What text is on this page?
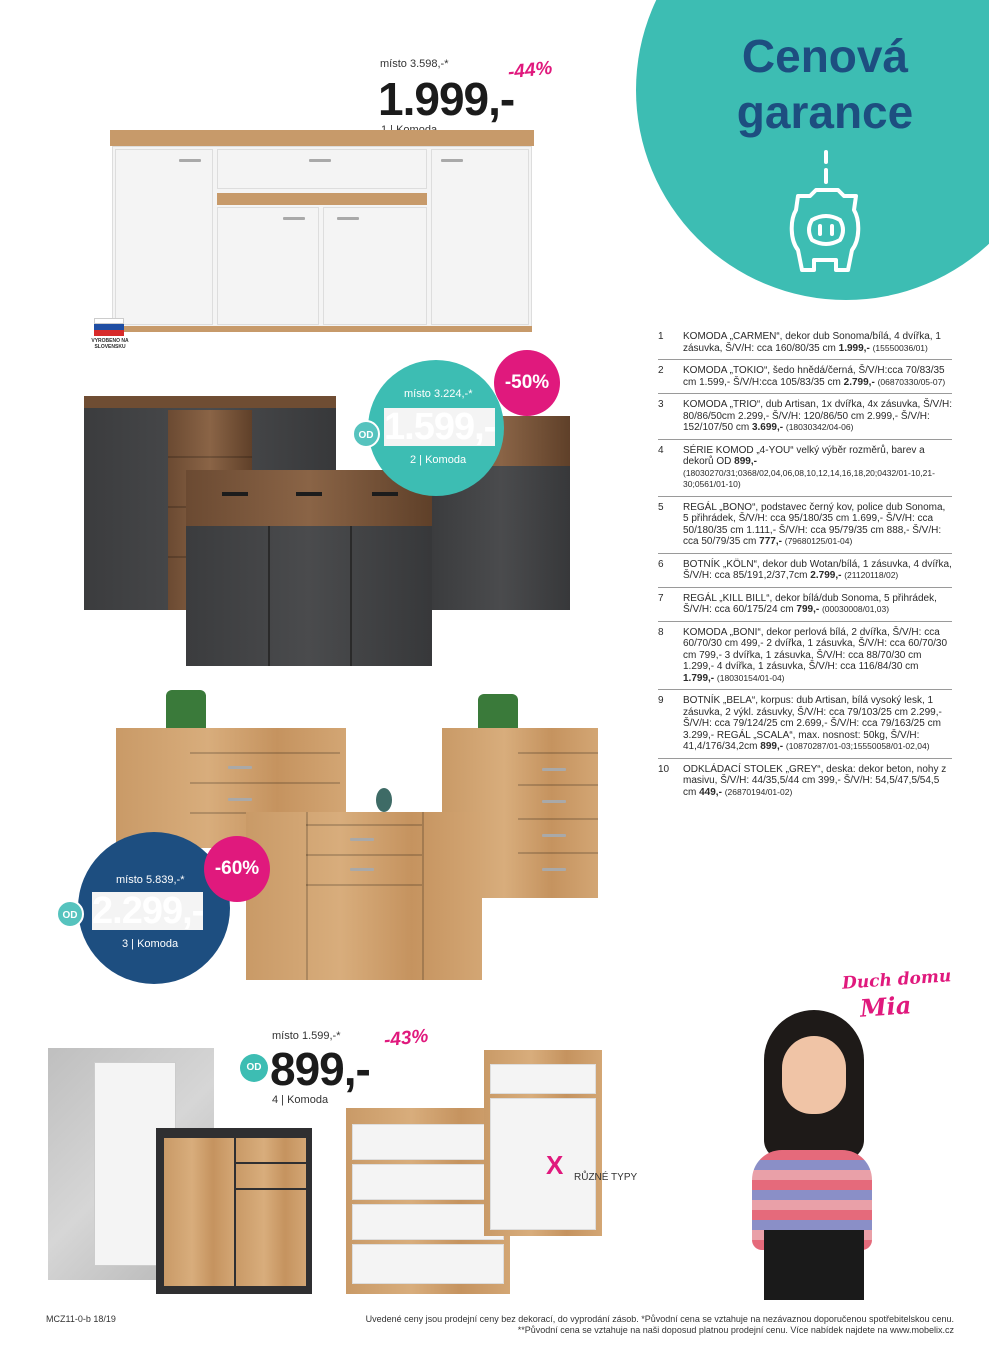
Cenová
garance
místo 3.598,-*
1.999,-
-44%
VYROBENO NA SLOVENSKU
OD
místo 3.224,-*
1.599,-
2 | Komoda
-50%
OD
místo 5.839,-*
2.299,-
3 | Komoda
-60%
místo 1.599,-*
OD 899,-
-43%
4 | Komoda
X RŮZNÉ TYPY
1	KOMODA „CARMEN“, dekor dub Sonoma/bílá, 4 dvířka, 1 zásuvka, Š/V/H: cca 160/80/35 cm 1.999,- (15550036/01)
2	KOMODA „TOKIO“, šedo hnědá/černá, Š/V/H:cca 70/83/35 cm 1.599,- Š/V/H:cca 105/83/35 cm 2.799,- (06870330/05-07)
3	KOMODA „TRIO“, dub Artisan, 1x dvířka, 4x zásuvka, Š/V/H: 80/86/50cm 2.299,- Š/V/H: 120/86/50 cm 2.999,- Š/V/H: 152/107/50 cm 3.699,- (18030342/04-06)
4	SÉRIE KOMOD „4-YOU“ velký výběr rozměrů, barev a dekorů OD 899,- (18030270/31;0368/02,04,06,08,10,12,14,16,18,20;0432/01-10,21-30;0561/01-10)
5	REGÁL „BONO“, podstavec černý kov, police dub Sonoma, 5 přihrádek, Š/V/H: cca 95/180/35 cm 1.699,- Š/V/H: cca 50/180/35 cm 1.111,- Š/V/H: cca 95/79/35 cm 888,- Š/V/H: cca 50/79/35 cm 777,- (79680125/01-04)
6	BOTNÍK „KÖLN“, dekor dub Wotan/bílá, 1 zásuvka, 4 dvířka, Š/V/H: cca 85/191,2/37,7cm 2.799,- (21120118/02)
7	REGÁL „KILL BILL“, dekor bílá/dub Sonoma, 5 přihrádek, Š/V/H: cca 60/175/24 cm 799,- (00030008/01,03)
8	KOMODA „BONI“, dekor perlová bílá, 2 dvířka, Š/V/H: cca 60/70/30 cm 499,- 2 dvířka, 1 zásuvka, Š/V/H: cca 60/70/30 cm 799,- 3 dvířka, 1 zásuvka, Š/V/H: cca 88/70/30 cm 1.299,- 4 dvířka, 1 zásuvka, Š/V/H: cca 116/84/30 cm 1.799,- (18030154/01-04)
9	BOTNÍK „BELA“, korpus: dub Artisan, bílá vysoký lesk, 1 zásuvka, 2 výkl. zásuvky, Š/V/H: cca 79/103/25 cm 2.299,- Š/V/H: cca 79/124/25 cm 2.699,- Š/V/H: cca 79/163/25 cm 3.299,- REGÁL „SCALA“, max. nosnost: 50kg, Š/V/H: 41,4/176/34,2cm 899,- (10870287/01-03;15550058/01-02,04)
10	ODKLÁDACÍ STOLEK „GREY“, deska: dekor beton, nohy z masivu, Š/V/H: 44/35,5/44 cm 399,- Š/V/H: 54,5/47,5/54,5 cm 449,- (26870194/01-02)
Duch domu
Mia
MCZ11-0-b 18/19	Uvedené ceny jsou prodejní ceny bez dekorací, do vyprodání zásob. *Původní cena se vztahuje na nezávaznou doporučenou spotřebitelskou cenu.
**Původní cena se vztahuje na naši doposud platnou prodejní cenu. Více nabídek najdete na www.mobelix.cz
